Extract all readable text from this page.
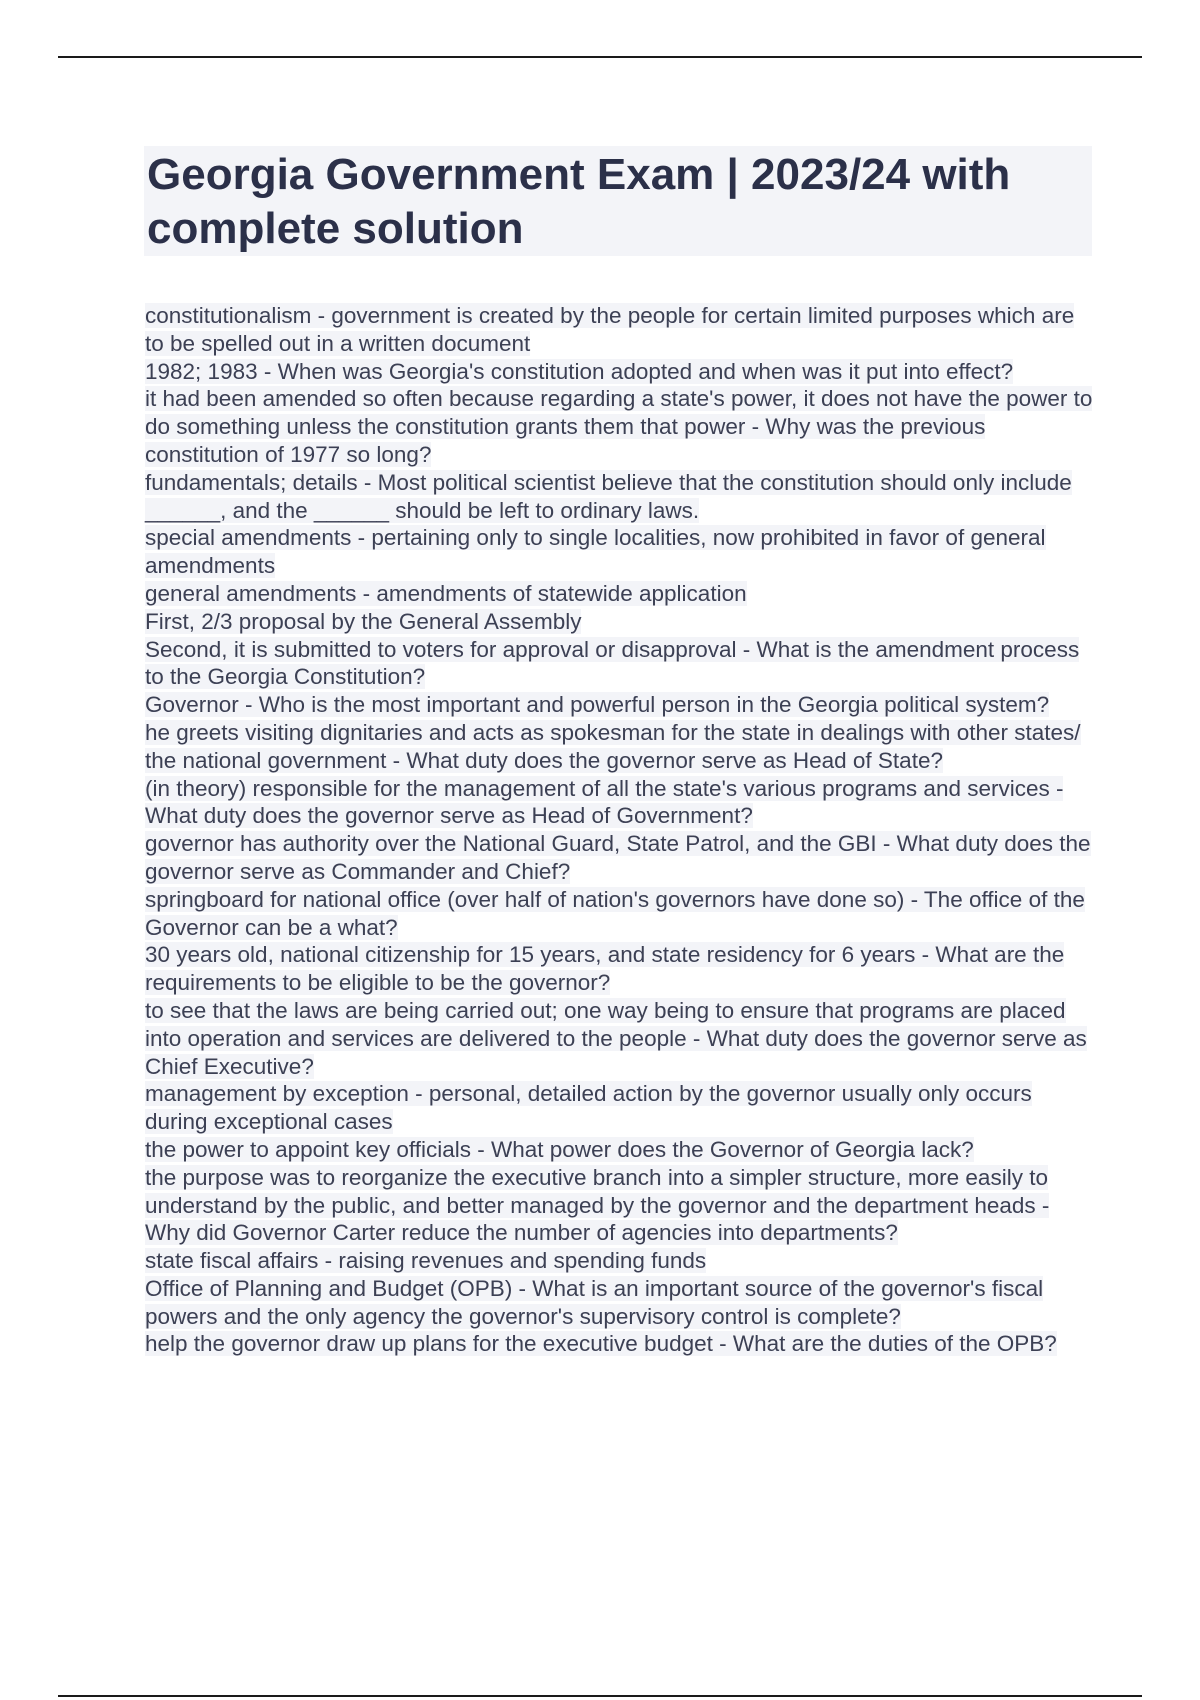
Georgia Government Exam | 2023/24 with complete solution

constitutionalism - government is created by the people for certain limited purposes which are to be spelled out in a written document

1982; 1983 - When was Georgia's constitution adopted and when was it put into effect?

it had been amended so often because regarding a state's power, it does not have the power to do something unless the constitution grants them that power - Why was the previous constitution of 1977 so long?

fundamentals; details - Most political scientist believe that the constitution should only include ______, and the ______ should be left to ordinary laws.

special amendments - pertaining only to single localities, now prohibited in favor of general amendments

general amendments - amendments of statewide application

First, 2/3 proposal by the General Assembly

Second, it is submitted to voters for approval or disapproval - What is the amendment process to the Georgia Constitution?

Governor - Who is the most important and powerful person in the Georgia political system?

he greets visiting dignitaries and acts as spokesman for the state in dealings with other states/ the national government - What duty does the governor serve as Head of State?

(in theory) responsible for the management of all the state's various programs and services - What duty does the governor serve as Head of Government?

governor has authority over the National Guard, State Patrol, and the GBI - What duty does the governor serve as Commander and Chief?

springboard for national office (over half of nation's governors have done so) - The office of the Governor can be a what?

30 years old, national citizenship for 15 years, and state residency for 6 years - What are the requirements to be eligible to be the governor?

to see that the laws are being carried out; one way being to ensure that programs are placed into operation and services are delivered to the people - What duty does the governor serve as Chief Executive?

management by exception - personal, detailed action by the governor usually only occurs during exceptional cases

the power to appoint key officials - What power does the Governor of Georgia lack?

the purpose was to reorganize the executive branch into a simpler structure, more easily to understand by the public, and better managed by the governor and the department heads - Why did Governor Carter reduce the number of agencies into departments?

state fiscal affairs - raising revenues and spending funds

Office of Planning and Budget (OPB) - What is an important source of the governor's fiscal powers and the only agency the governor's supervisory control is complete?

help the governor draw up plans for the executive budget - What are the duties of the OPB?
